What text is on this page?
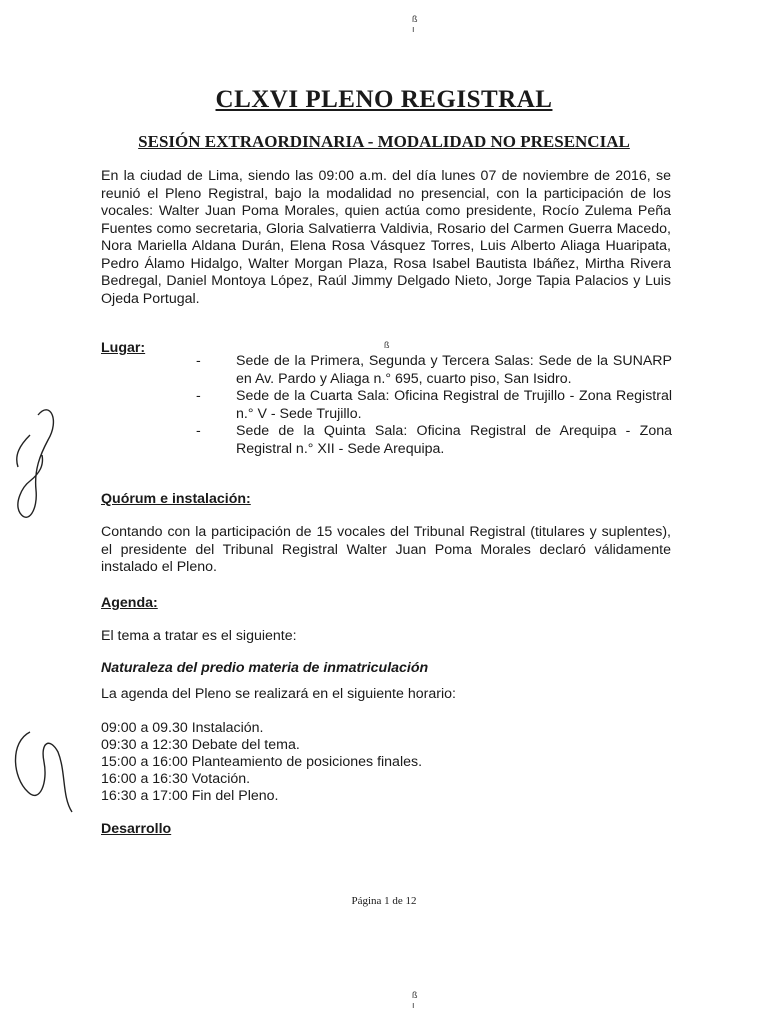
ß
ı
ß
ß
ı
CLXVI PLENO REGISTRAL
SESIÓN EXTRAORDINARIA - MODALIDAD NO PRESENCIAL
En la ciudad de Lima, siendo las 09:00 a.m. del día lunes 07 de noviembre de 2016, se reunió el Pleno Registral, bajo la modalidad no presencial, con la participación de los vocales: Walter Juan Poma Morales, quien actúa como presidente, Rocío Zulema Peña Fuentes como secretaria, Gloria Salvatierra Valdivia, Rosario del Carmen Guerra Macedo, Nora Mariella Aldana Durán, Elena Rosa Vásquez Torres, Luis Alberto Aliaga Huaripata, Pedro Álamo Hidalgo, Walter Morgan Plaza, Rosa Isabel Bautista Ibáñez, Mirtha Rivera Bedregal, Daniel Montoya López, Raúl Jimmy Delgado Nieto, Jorge Tapia Palacios y Luis Ojeda Portugal.
Lugar:
- Sede de la Primera, Segunda y Tercera Salas: Sede de la SUNARP en Av. Pardo y Aliaga n.° 695, cuarto piso, San Isidro.
- Sede de la Cuarta Sala: Oficina Registral de Trujillo - Zona Registral n.° V - Sede Trujillo.
- Sede de la Quinta Sala: Oficina Registral de Arequipa - Zona Registral n.° XII - Sede Arequipa.
Quórum e instalación:
Contando con la participación de 15 vocales del Tribunal Registral (titulares y suplentes), el presidente del Tribunal Registral Walter Juan Poma Morales declaró válidamente instalado el Pleno.
Agenda:
El tema a tratar es el siguiente:
Naturaleza del predio materia de inmatriculación
La agenda del Pleno se realizará en el siguiente horario:
09:00 a 09.30 Instalación.
09:30 a 12:30 Debate del tema.
15:00 a 16:00 Planteamiento de posiciones finales.
16:00 a 16:30 Votación.
16:30 a 17:00 Fin del Pleno.
Desarrollo
Página 1 de 12
